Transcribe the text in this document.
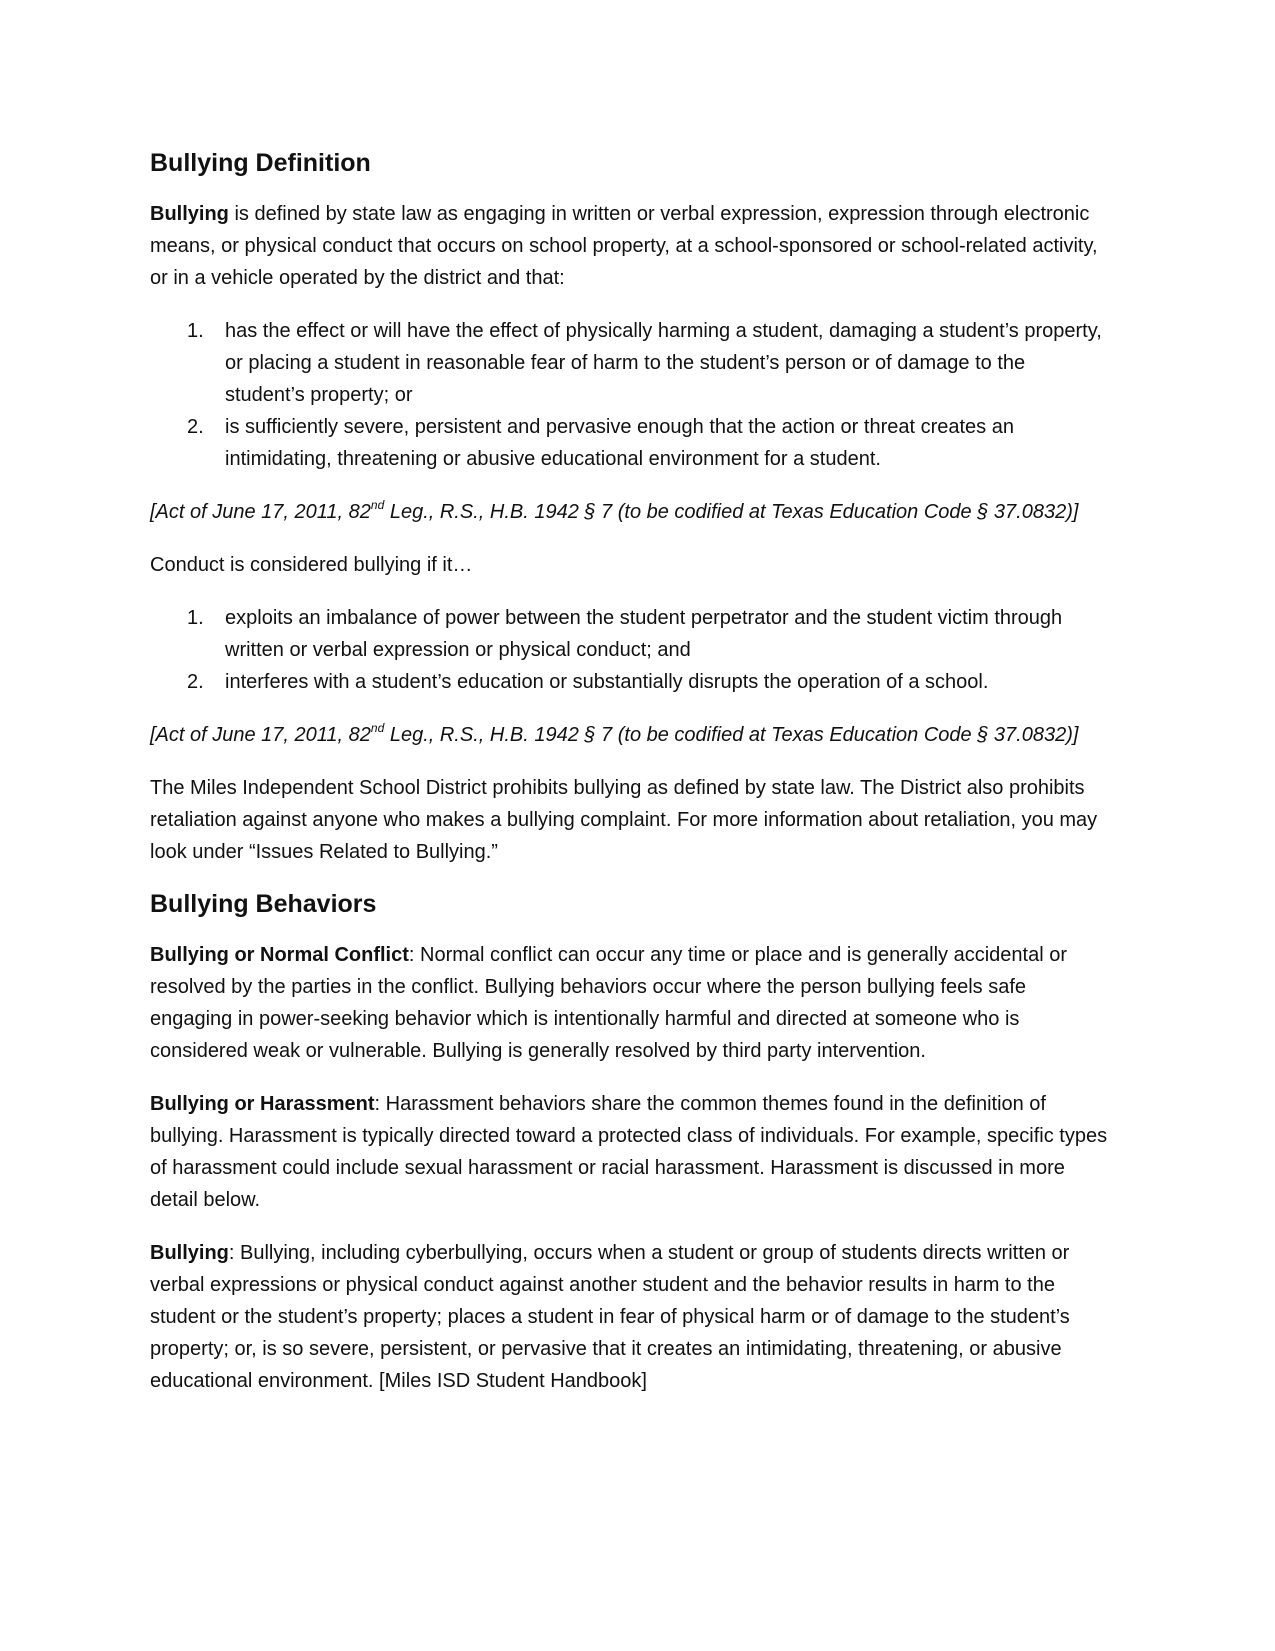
Bullying Definition

Bullying is defined by state law as engaging in written or verbal expression, expression through electronic means, or physical conduct that occurs on school property, at a school-sponsored or school-related activity, or in a vehicle operated by the district and that:

1. has the effect or will have the effect of physically harming a student, damaging a student’s property, or placing a student in reasonable fear of harm to the student’s person or of damage to the student’s property; or
2. is sufficiently severe, persistent and pervasive enough that the action or threat creates an intimidating, threatening or abusive educational environment for a student.

[Act of June 17, 2011, 82nd Leg., R.S., H.B. 1942 § 7 (to be codified at Texas Education Code § 37.0832)]

Conduct is considered bullying if it…

1. exploits an imbalance of power between the student perpetrator and the student victim through written or verbal expression or physical conduct; and
2. interferes with a student’s education or substantially disrupts the operation of a school.

[Act of June 17, 2011, 82nd Leg., R.S., H.B. 1942 § 7 (to be codified at Texas Education Code § 37.0832)]

The Miles Independent School District prohibits bullying as defined by state law. The District also prohibits retaliation against anyone who makes a bullying complaint. For more information about retaliation, you may look under “Issues Related to Bullying.”

Bullying Behaviors

Bullying or Normal Conflict: Normal conflict can occur any time or place and is generally accidental or resolved by the parties in the conflict. Bullying behaviors occur where the person bullying feels safe engaging in power-seeking behavior which is intentionally harmful and directed at someone who is considered weak or vulnerable. Bullying is generally resolved by third party intervention.

Bullying or Harassment: Harassment behaviors share the common themes found in the definition of bullying. Harassment is typically directed toward a protected class of individuals. For example, specific types of harassment could include sexual harassment or racial harassment. Harassment is discussed in more detail below.

Bullying: Bullying, including cyberbullying, occurs when a student or group of students directs written or verbal expressions or physical conduct against another student and the behavior results in harm to the student or the student’s property; places a student in fear of physical harm or of damage to the student’s property; or, is so severe, persistent, or pervasive that it creates an intimidating, threatening, or abusive educational environment. [Miles ISD Student Handbook]
